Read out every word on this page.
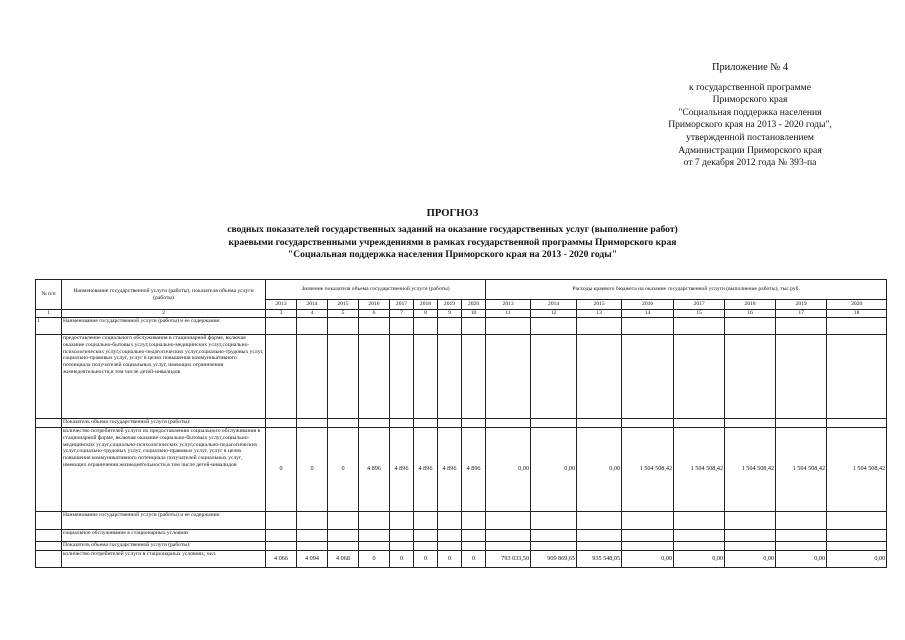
Приложение № 4
к государственной программе
Приморского края
"Социальная поддержка населения
Приморского края на 2013 - 2020 годы",
утвержденной постановлением
Администрации Приморского края
от 7 декабря 2012 года № 393-па
ПРОГНОЗ
сводных показателей государственных заданий на оказание государственных услуг (выполнение работ)
краевыми государственными учреждениями в рамках государственной программы Приморского края
"Социальная поддержка населения Приморского края на 2013 - 2020 годы"
№ п/п	Наименование государственной услуги (работы), показателя объема услуги (работы)	Значение показателя объема государственной услуги (работы)								Расходы краевого бюджета на оказание государственной услуги (выполнение работы), тыс.руб.							
		2013	2014	2015	2016	2017	2018	2019	2020	2013	2014	2015	2016	2017	2018	2019	2020
1	2	3	4	5	6	7	8	9	10	11	12	13	14	15	16	17	18
1	Наименование государственной услуги (работы) и ее содержание:																
	предоставление социального обслуживания в стационарной форме, включая оказание социально-бытовых услуг,социально-медицинских услуг,социально-психологических услуг,социально-педагогических услуг,социально-трудовых услуг, социально-правовых услуг, услуг в целях повышения коммуникативного потенциала получателей социальных услуг, имеющих ограничения жизнедеятельности,в том числе детей-инвалидов																
	Показатель объема государственной услуги (работы):																
	количество потребителей услуги по предоставлению социального обслуживания в стационарной форме, включая оказание социально-бытовых услуг,социально-медицинских услуг,социально-психологических услуг,социально-педагогических услуг,социально-трудовых услуг, социально-правовых услуг, услуг в целях повышения коммуникативного потенциала получателей социальных услуг, имеющих ограничения жизнедеятельности,в том числе детей-инвалидов	0	0	0	4 896	4 896	4 896	4 896	4 896	0,00	0,00	0,00	1 504 508,42	1 504 508,42	1 504 508,42	1 504 508,42	1 504 508,42
	Наименование государственной услуги (работы) и ее содержание:																
	социальное обслуживание в стационарных условиях																
	Показатель объема государственной услуги (работы):																
	количество потребителей услуги в стационарных условиях, чел.	4 066	4 094	4 068	0	0	0	0	0	793 033,50	909 869,65	935 548,05	0,00	0,00	0,00	0,00	0,00
